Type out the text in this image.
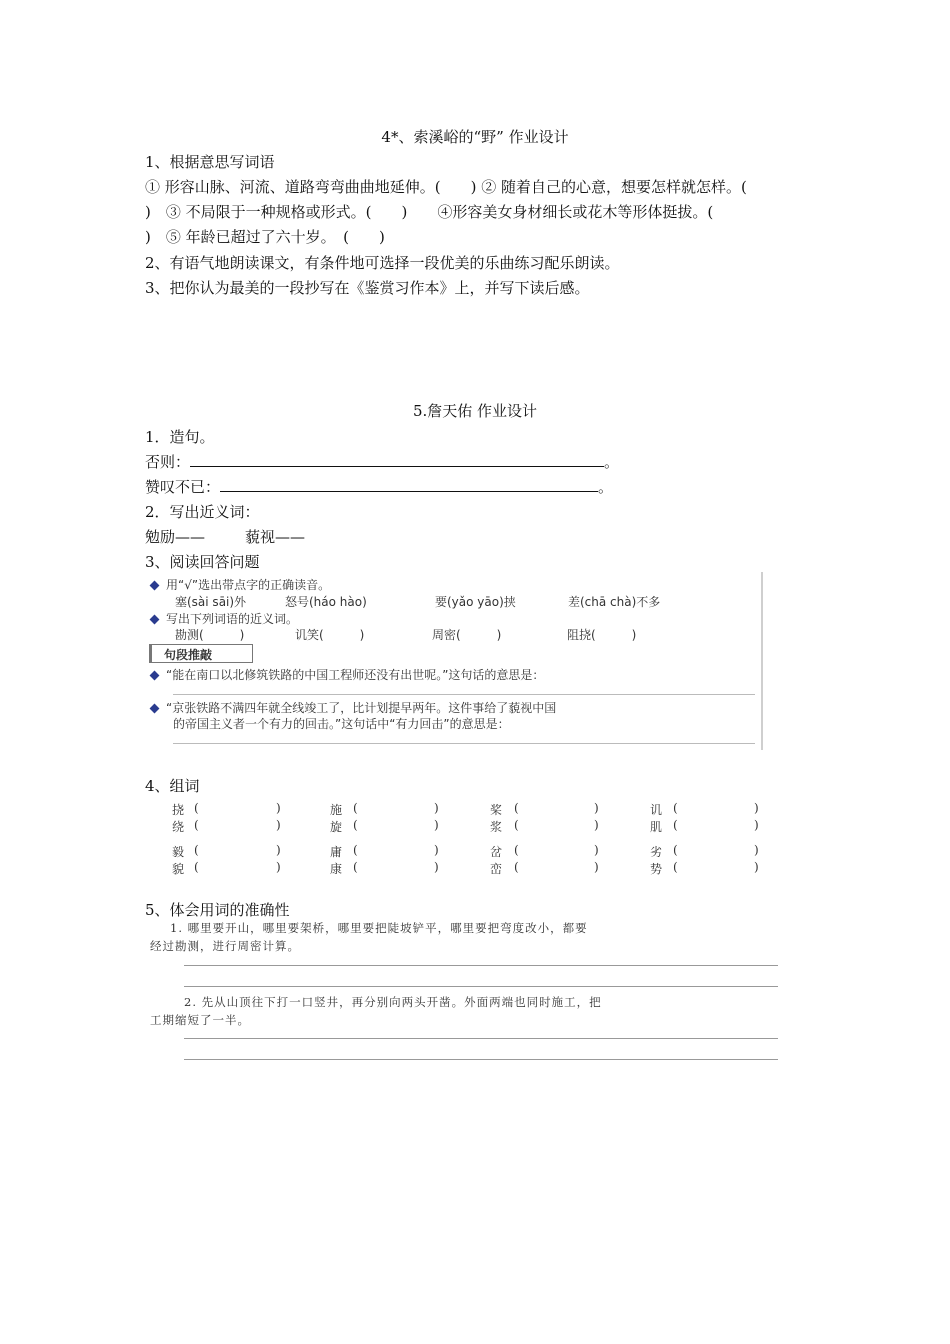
4*、索溪峪的“野” 作业设计
1、根据意思写词语
① 形容山脉、河流、道路弯弯曲曲地延伸。(　　) ② 随着自己的心意，想要怎样就怎样。(
)　③ 不局限于一种规格或形式。(　　)　　④形容美女身材细长或花木等形体挺拔。(
)　⑤ 年龄已超过了六十岁。　(　　)
2、有语气地朗读课文，有条件地可选择一段优美的乐曲练习配乐朗读。
3、把你认为最美的一段抄写在《鉴赏习作本》上，并写下读后感。
5.詹天佑 作业设计
1．造句。
否则：	。
赞叹不已：	。
2．写出近义词：
勉励——	藐视——
3、阅读回答问题
用“√”选出带点字的正确读音。
塞(sài sāi)外	怒号(háo hào)	要(yǎo yāo)挟	差(chā chà)不多
写出下列词语的近义词。
勘测(　　　)	讥笑(　　　)	周密(　　　)	阻挠(　　　)
句段推敲
“能在南口以北修筑铁路的中国工程师还没有出世呢。”这句话的意思是：
“京张铁路不满四年就全线竣工了，比计划提早两年。这件事给了藐视中国
的帝国主义者一个有力的回击。”这句话中“有力回击”的意思是：
4、组词
挠 (	)	施 (	)	桨 (	)	讥 (	)
绕 (	)	旋 (	)	浆 (	)	肌 (	)
毅 (	)	庸 (	)	岔 (	)	劣 (	)
貌 (	)	康 (	)	峦 (	)	势 (	)
5、体会用词的准确性
1. 哪里要开山，哪里要架桥，哪里要把陡坡铲平，哪里要把弯度改小，都要
经过勘测，进行周密计算。
2. 先从山顶往下打一口竖井，再分别向两头开凿。外面两端也同时施工，把
工期缩短了一半。
